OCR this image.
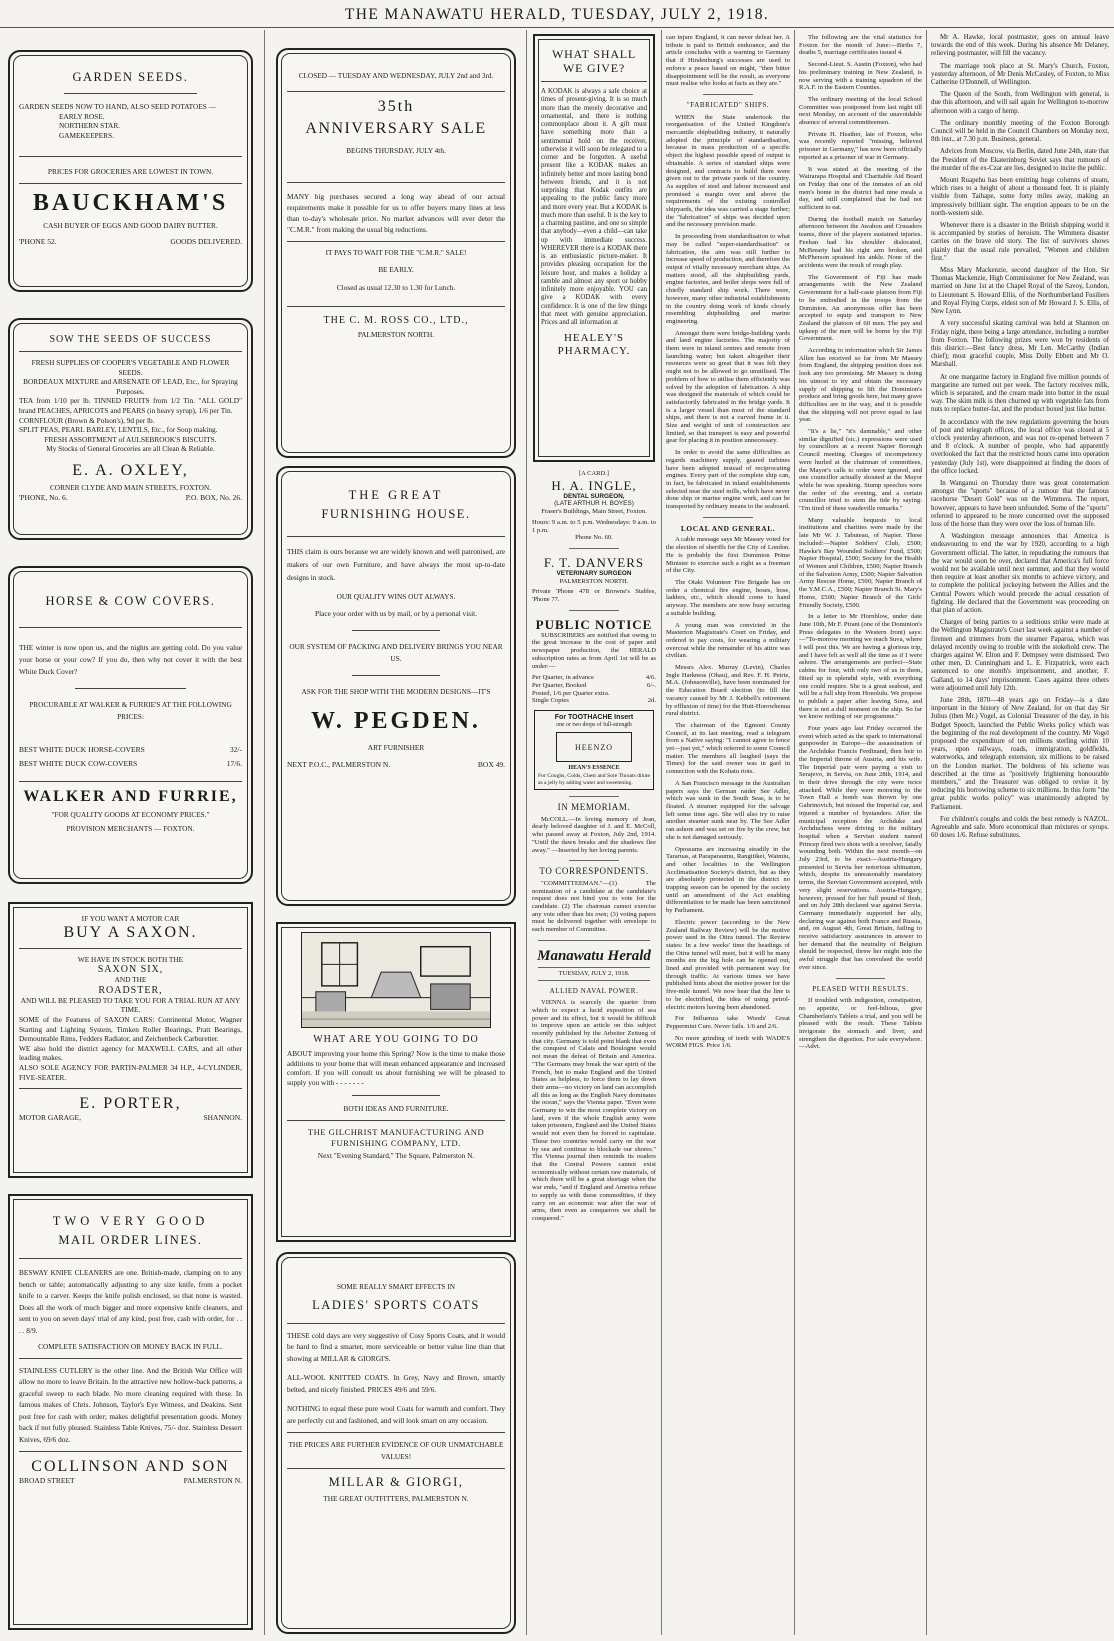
THE MANAWATU HERALD, TUESDAY, JULY 2, 1918.
GARDEN SEEDS.
GARDEN SEEDS NOW TO HAND, ALSO SEED POTATOES —
EARLY ROSE.
NORTHERN STAR.
GAMEKEEPERS.
PRICES FOR GROCERIES ARE LOWEST IN TOWN.
BAUCKHAM'S
CASH BUYER OF EGGS AND GOOD DAIRY BUTTER.
'PHONE 52.	GOODS DELIVERED.
SOW THE SEEDS OF SUCCESS
FRESH SUPPLIES OF COOPER'S VEGETABLE AND FLOWER SEEDS.
BORDEAUX MIXTURE and ARSENATE OF LEAD, Etc., for Spraying Purposes.
TEA from 1/10 per lb. TINNED FRUITS from 1/2 Tin. "ALL GOLD" brand PEACHES, APRICOTS and PEARS (in heavy syrup), 1/6 per Tin.
CORNFLOUR (Brown & Polson's), 9d per lb.
SPLIT PEAS, PEARL BARLEY, LENTILS, Etc., for Soup making.
FRESH ASSORTMENT of AULSEBROOK'S BISCUITS.
My Stocks of General Groceries are all Clean & Reliable.
E. A. OXLEY,
CORNER CLYDE AND MAIN STREETS, FOXTON.
'PHONE, No. 6.	P.O. BOX, No. 26.
HORSE & COW COVERS.
THE winter is now upon us, and the nights are getting cold. Do you value your horse or your cow? If you do, then why not cover it with the best White Duck Cover?
PROCURABLE AT WALKER & FURRIE'S AT THE FOLLOWING PRICES:
BEST WHITE DUCK HORSE-COVERS	32/-
BEST WHITE DUCK COW-COVERS	17/6.
WALKER AND FURRIE,
"FOR QUALITY GOODS AT ECONOMY PRICES."
PROVISION MERCHANTS — FOXTON.
IF YOU WANT A MOTOR CAR
BUY A SAXON.
WE HAVE IN STOCK BOTH THE
SAXON SIX,
AND THE
ROADSTER,
AND WILL BE PLEASED TO TAKE YOU FOR A TRIAL RUN AT ANY TIME.
SOME of the Features of SAXON CARS: Continental Motor, Wagner Starting and Lighting System, Timken Roller Bearings, Pratt Bearings, Demountable Rims, Fedders Radiator, and Zeichenbeck Carburetter.
WE also hold the district agency for MAXWELL CARS, and all other leading makes.
ALSO SOLE AGENCY FOR PARTIN-PALMER 34 H.P., 4-CYLINDER, FIVE-SEATER.
E. PORTER,
MOTOR GARAGE,	SHANNON.
TWO VERY GOOD
MAIL ORDER LINES.
BESWAY KNIFE CLEANERS are one. British-made, clamping on to any bench or table; automatically adjusting to any size knife, from a pocket knife to a carver. Keeps the knife polish enclosed, so that none is wasted. Does all the work of much bigger and more expensive knife cleaners, and sent to you on seven days' trial of any kind, post free, cash with order, for . . . . 8/9.
COMPLETE SATISFACTION OR MONEY BACK IN FULL.
STAINLESS CUTLERY is the other line. And the British War Office will allow no more to leave Britain. In the attractive new hollow-back patterns, a graceful sweep to each blade. No more cleaning required with these. In famous makes of Chris. Johnson, Taylor's Eye Witness, and Deakins. Sent post free for cash with order; makes delightful presentation goods. Money back if not fully pleased. Stainless Table Knives, 75/- doz. Stainless Dessert Knives, 69/6 doz.
COLLINSON AND SON
BROAD STREET	PALMERSTON N.
CLOSED — TUESDAY AND WEDNESDAY, JULY 2nd and 3rd.
35th
ANNIVERSARY SALE
BEGINS THURSDAY, JULY 4th.
MANY big purchases secured a long way ahead of our actual requirements make it possible for us to offer buyers many lines at less than to-day's wholesale price. No market advances will ever deter the "C.M.R." from making the usual big reductions.
IT PAYS TO WAIT FOR THE "C.M.R." SALE!
BE EARLY.
Closed as usual 12.30 to 1.30 for Lunch.
THE C. M. ROSS CO., LTD.,
PALMERSTON NORTH.
THE GREAT
FURNISHING HOUSE.
THIS claim is ours because we are widely known and well patronised, are makers of our own Furniture, and have always the most up-to-date designs in stock.
OUR QUALITY WINS OUT ALWAYS.
Place your order with us by mail, or by a personal visit.
OUR SYSTEM OF PACKING AND DELIVERY BRINGS YOU NEAR US.
ASK FOR THE SHOP WITH THE MODERN DESIGNS—IT'S
W. PEGDEN.
ART FURNISHER
NEXT P.O.C., PALMERSTON N.	BOX 49.
WHAT ARE YOU GOING TO DO
ABOUT improving your home this Spring? Now is the time to make those additions to your home that will mean enhanced appearance and increased comfort. If you will consult us about furnishing we will be pleased to supply you with - - - - - - -
BOTH IDEAS AND FURNITURE.
THE GILCHRIST MANUFACTURING AND FURNISHING COMPANY, LTD.
Next "Evening Standard," The Square, Palmerston N.
SOME REALLY SMART EFFECTS IN
LADIES' SPORTS COATS
THESE cold days are very suggestive of Cosy Sports Coats, and it would be hard to find a smarter, more serviceable or better value line than that showing at MILLAR & GIORGI'S.
ALL-WOOL KNITTED COATS. In Grey, Navy and Brown, smartly belted, and nicely finished. PRICES 49/6 and 59/6.
NOTHING to equal these pure wool Coats for warmth and comfort. They are perfectly cut and fashioned, and will look smart on any occasion.
THE PRICES ARE FURTHER EVIDENCE OF OUR UNMATCHABLE VALUES!
MILLAR & GIORGI,
THE GREAT OUTFITTERS, PALMERSTON N.
WHAT SHALL WE GIVE?
A KODAK is always a safe choice at times of present-giving. It is so much more than the merely decorative and ornamental, and there is nothing commonplace about it. A gift must have something more than a sentimental hold on the receiver, otherwise it will soon be relegated to a corner and be forgotten. A useful present like a KODAK makes an infinitely better and more lasting bond between friends, and it is not surprising that Kodak outfits are appealing to the public fancy more and more every year. But a KODAK is much more than useful. It is the key to a charming pastime, and one so simple that anybody—even a child—can take up with immediate success. WHEREVER there is a KODAK there is an enthusiastic picture-maker. It provides pleasing occupation for the leisure hour, and makes a holiday a ramble and almost any sport or hobby infinitely more enjoyable. YOU can give a KODAK with every confidence. It is one of the few things that meet with genuine appreciation. Prices and all information at
HEALEY'S PHARMACY.
[A CARD.]
H. A. INGLE,
DENTAL SURGEON,
(LATE ARTHUR H. BOYES)
Fraser's Buildings, Main Street, Foxton.
Hours: 9 a.m. to 5 p.m. Wednesdays: 9 a.m. to 1 p.m.
Phone No. 60.
F. T. DANVERS
VETERINARY SURGEON
PALMERSTON NORTH.
Private 'Phone 478 or Browne's Stables, 'Phone 77.
PUBLIC NOTICE

SUBSCRIBERS are notified that owing to the great increase in the cost of paper and newspaper production, the HERALD subscription rates as from April 1st will be as under:—

Per Quarter, in advance	4/6.
Per Quarter, Booked	6/-.
Posted, 1/6 per Quarter extra.
Single Copies	2d.
For TOOTHACHE Insert
one or two drops of full-strength
HEENZO
HEAN'S ESSENCE
For Coughs, Colds, Chest and Sore Throats dilute as a jelly by adding water and sweetening.
IN MEMORIAM.

McCOLL.—In loving memory of Jean, dearly beloved daughter of J. and E. McColl, who passed away at Foxton, July 2nd, 1914. "Until the dawn breaks and the shadows flee away." —Inserted by her loving parents.

TO CORRESPONDENTS.

"COMMITTEEMAN."—(1) The nomination of a candidate at the candidate's request does not bind you to vote for the candidate. (2) The chairman cannot exercise any vote other than his own; (3) voting papers must be delivered together with envelope to each member of Committee.

Manawatu Herald
TUESDAY, JULY 2, 1918.
ALLIED NAVAL POWER.

VIENNA is scarcely the quarter from which to expect a lucid exposition of sea power and its effect, but it would be difficult to improve upon an article on this subject recently published by the Arbeiter Zeitung of that city. Germany is told point blank that even the conquest of Calais and Boulogne would not mean the defeat of Britain and America. "The Germans may break the war spirit of the French, but to make England and the United States as helpless, to force them to lay down their arms—no victory on land can accomplish all this as long as the English Navy dominates the ocean," says the Vienna paper. "Even were Germany to win the most complete victory on land, even if the whole English army were taken prisoners, England and the United States would not even then be forced to capitulate. These two countries would carry on the war by sea and continue to blockade our shores." The Vienna journal then reminds its readers that the Central Powers cannot exist economically without certain raw materials, of which there will be a great shortage when the war ends, "and if England and America refuse to supply us with these commodities, if they carry on an economic war after the war of arms, then even as conquerors we shall be conquered."

can injure England, it can never defeat her. A tribute is paid to British endurance, and the article concludes with a warning to Germany that if Hindenburg's successes are used to enforce a peace based on might, "then bitter disappointment will be the result, as everyone must realise who looks at facts as they are."

"FABRICATED" SHIPS.

WHEN the State undertook the reorganisation of the United Kingdom's mercantile shipbuilding industry, it naturally adopted the principle of standardisation, because in mass production of a specific object the highest possible speed of output is obtainable. A series of standard ships were designed, and contracts to build them were given out to the private yards of the country. As supplies of steel and labour increased and promised a margin over and above the requirements of the existing controlled shipyards, the idea was carried a stage further; the "fabrication" of ships was decided upon and the necessary provision made.

In proceeding from standardisation to what may be called "super-standardisation" or fabrication, the aim was still further to increase speed of production, and therefore the output of vitally necessary merchant ships. As matters stood, all the shipbuilding yards, engine factories, and boiler shops were full of chiefly standard ship work. There were, however, many other industrial establishments in the country doing work of kinds closely resembling shipbuilding and marine engineering.

Amongst them were bridge-building yards and land engine factories. The majority of them were in inland centres and remote from launching water; but taken altogether their resources were so great that it was felt they ought not to be allowed to go unutilised. The problem of how to utilise them efficiently was solved by the adoption of fabrication. A ship was designed the materials of which could be satisfactorily fabricated in the bridge yards. It is a larger vessel than most of the standard ships, and there is not a curved frame in it. Size and weight of unit of construction are limited, so that transport is easy and powerful gear for placing it in position unnecessary.

In order to avoid the same difficulties as regards machinery supply, geared turbines have been adopted instead of reciprocating engines. Every part of the complete ship can, in fact, be fabricated in inland establishments selected near the steel mills, which have never done ship or marine engine work, and can be transported by ordinary means to the seaboard.

LOCAL AND GENERAL.

A cable message says Mr Massey voted for the election of sheriffs for the City of London. He is probably the first Dominion Prime Minister to exercise such a right as a freeman of the City.

The Otaki Volunteer Fire Brigade has on order a chemical fire engine, hoses, hose, ladders, etc., which should come to hand anyway. The members are now busy securing a suitable building.

A young man was convicted in the Masterton Magistrate's Court on Friday, and ordered to pay costs, for wearing a military overcoat while the remainder of his attire was civilian.

Messrs Alex. Murray (Levin), Charles Ingle Harkness (Ohau), and Rev. F. H. Petrie, M.A. (Johnsonville), have been nominated for the Education Board election (to fill the vacancy caused by Mr J. Kebbell's retirement by effluxion of time) for the Hutt-Horowhenua rural district.

The chairman of the Egmont County Council, at its last meeting, read a telegram from a Native saying: "I cannot agree to fence yet—just yet," which referred to some Council matter. The members all laughed (says the Times) for the said owner was in gaol in connection with the Kohatu riots.

A San Francisco message in the Australian papers says the German raider See Adler, which was sunk in the South Seas, is to be floated. A steamer equipped for the salvage left some time ago. She will also try to raise another steamer sunk near by. The See Adler ran ashore and was set on fire by the crew, but she is not damaged seriously.

Opossums are increasing steadily in the Tararuas, at Paraparaumu, Rangitikei, Waimiu, and other localities in the Wellington Acclimatisation Society's district, but as they are absolutely protected in the district no trapping season can be opened by the society until an amendment of the Act enabling differentiation to be made has been sanctioned by Parliament.

Electric power (according to the New Zealand Railway Review) will be the motive power used in the Otira tunnel. The Review states: In a few weeks' time the headings of the Otira tunnel will meet, but it will be many months ere the big hole can be opened out, lined and provided with permanent way for through traffic. At various times we have published hints about the motive power for the five-mile tunnel. We now hear that the line is to be electrified, the idea of using petrol-electric motors having been abandoned.

For Influenza take Woods' Great Peppermint Cure. Never fails. 1/6 and 2/6.

No more grinding of teeth with WADE'S WORM FIGS. Price 1/6.

The following are the vital statistics for Foxton for the month of June:—Births 7, deaths 5, marriage certificates issued 4.

Second-Lieut. S. Austin (Foxton), who had his preliminary training in New Zealand, is now serving with a training squadron of the R.A.F. in the Eastern Counties.

The ordinary meeting of the local School Committee was postponed from last night till next Monday, on account of the unavoidable absence of several committeemen.

Private H. Heather, late of Foxton, who was recently reported "missing, believed prisoner in Germany," has now been officially reported as a prisoner of war in Germany.

It was stated at the meeting of the Wairarapa Hospital and Charitable Aid Board on Friday that one of the inmates of an old men's home in the district had nine meals a day, and still complained that he had not sufficient to eat.

During the football match on Saturday afternoon between the Awahou and Crusaders teams, three of the players sustained injuries. Feehan had his shoulder dislocated, McBrearty had his right arm broken, and McPherson sprained his ankle. None of the accidents were the result of rough play.

The Government of Fiji has made arrangements with the New Zealand Government for a half-caste platoon from Fiji to be embodied in the troops from the Dominion. An anonymous offer has been accepted to equip and transport to New Zealand the platoon of 60 men. The pay and upkeep of the men will be borne by the Fiji Government.

According to information which Sir James Allen has received so far from Mr Massey from England, the shipping position does not look any too promising. Mr Massey is doing his utmost to try and obtain the necessary supply of shipping to lift the Dominion's produce and bring goods here, but many grave difficulties are in the way, and it is possible that the shipping will not prove equal to last year.

"It's a lie," "it's damnable," and other similar dignified (sic.) expressions were used by councillors at a recent Napier Borough Council meeting. Charges of incompetency were hurled at the chairman of committees, the Mayor's calls to order were ignored, and one councillor actually shouted at the Mayor while he was speaking. Stump speeches were the order of the evening, and a certain councillor tried to stem the tide by saying: "I'm tired of these vaudeville remarks."

Many valuable bequests to local institutions and charities were made by the late Mr W. J. Tabuteau, of Napier. These included:—Napier Soldiers' Club, £500; Hawke's Bay Wounded Soldiers' Fund, £500; Napier Hospital, £500; Society for the Health of Women and Children, £500; Napier Branch of the Salvation Army, £500; Napier Salvation Army Rescue Home, £500; Napier Branch of the Y.M.C.A., £500; Napier Branch St. Mary's Home, £500; Napier Branch of the Girls' Friendly Society, £500.

In a letter to Mr Hornblow, under date June 10th, Mr F. Pirani (one of the Dominion's Press delegates to the Western front) says:—"To-morrow morning we reach Suva, where I will post this. We are having a glorious trip, and I have felt as well all the time as if I were ashore. The arrangements are perfect—State cabins for four, with only two of us in them, fitted up in splendid style, with everything one could require. She is a great seaboat, and will be a full ship from Honolulu. We propose to publish a paper after leaving Suva, and there is not a dull moment on the ship. So far we know nothing of our programme."

Four years ago last Friday occurred the event which acted as the spark to international gunpowder in Europe—the assassination of the Archduke Francis Ferdinand, then heir to the Imperial throne of Austria, and his wife. The Imperial pair were paying a visit to Serajevo, in Servia, on June 28th, 1914, and in their drive through the city were twice attacked. While they were motoring to the Town Hall a bomb was thrown by one Gabrinovich, but missed the Imperial car, and injured a number of bystanders. After the municipal reception the Archduke and Archduchess were driving to the military hospital when a Servian student named Princep fired two shots with a revolver, fatally wounding both. Within the next month—on July 23rd, to be exact—Austria-Hungary presented to Servia her notorious ultimatum, which, despite its unreasonably mandatory terms, the Servian Government accepted, with very slight reservations. Austria-Hungary, however, pressed for her full pound of flesh, and on July 28th declared war against Servia. Germany immediately supported her ally, declaring war against both France and Russia, and, on August 4th, Great Britain, failing to receive satisfactory assurances in answer to her demand that the neutrality of Belgium should be respected, threw her might into the awful struggle that has convulsed the world ever since.

PLEASED WITH RESULTS.

If troubled with indigestion, constipation, no appetite, or feel-bilious, give Chamberlain's Tablets a trial, and you will be pleased with the result. These Tablets invigorate the stomach and liver, and strengthen the digestion. For sale everywhere.—Advt.

Mr A. Hawke, local postmaster, goes on annual leave towards the end of this week. During his absence Mr Delaney, relieving postmaster, will fill the vacancy.

The marriage took place at St. Mary's Church, Foxton, yesterday afternoon, of Mr Denis McCauley, of Foxton, to Miss Catherine O'Donnell, of Wellington.

The Queen of the South, from Wellington with general, is due this afternoon, and will sail again for Wellington to-morrow afternoon with a cargo of hemp.

The ordinary monthly meeting of the Foxton Borough Council will be held in the Council Chambers on Monday next, 8th inst., at 7.30 p.m. Business, general.

Advices from Moscow, via Berlin, dated June 24th, state that the President of the Ekaterinburg Soviet says that rumours of the murder of the ex-Czar are lies, designed to incite the public.

Mount Ruapehu has been emitting huge columns of steam, which rises to a height of about a thousand feet. It is plainly visible from Taihape, some forty miles away, making an impressively brilliant sight. The eruption appears to be on the north-western side.

Whenever there is a disaster in the British shipping world it is accompanied by stories of heroism. The Wimmera disaster carries on the brave old story. The list of survivors shows plainly that the usual rule prevailed, "Women and children first."

Miss Mary Mackenzie, second daughter of the Hon. Sir Thomas Mackenzie, High Commissioner for New Zealand, was married on June 1st at the Chapel Royal of the Savoy, London, to Lieutenant S. Howard Ellis, of the Northumberland Fusiliers and Royal Flying Corps, eldest son of Mr Howard J. S. Ellis, of New Lynn.

A very successful skating carnival was held at Shannon on Friday night, there being a large attendance, including a number from Foxton. The following prizes were won by residents of this district:—Best fancy dress, Mr Len. McCarthy (Indian chief); most graceful couple, Miss Dolly Ebbett and Mr O. Marshall.

At one margarine factory in England five million pounds of margarine are turned out per week. The factory receives milk, which is separated, and the cream made into butter in the usual way. The skim milk is then churned up with vegetable fats from nuts to replace butter-fat, and the product boxed just like butter.

In accordance with the new regulations governing the hours of post and telegraph offices, the local office was closed at 5 o'clock yesterday afternoon, and was not re-opened between 7 and 8 o'clock. A number of people, who had apparently overlooked the fact that the restricted hours came into operation yesterday (July 1st), were disappointed at finding the doors of the office locked.

In Wanganui on Thursday there was great consternation amongst the "sports" because of a rumour that the famous racehorse "Desert Gold" was on the Wimmera. The report, however, appears to have been unfounded. Some of the "sports" referred to appeared to be more concerned over the supposed loss of the horse than they were over the loss of human life.

A Washington message announces that America is endeavouring to end the war by 1920, according to a high Government official. The latter, in repudiating the rumours that the war would soon be over, declared that America's full force would not be available until next summer, and that they would then require at least another six months to achieve victory, and to complete the political jockeying between the Allies and the Central Powers which would precede the actual cessation of fighting. He declared that the Government was proceeding on that plan of action.

Charges of being parties to a seditious strike were made at the Wellington Magistrate's Court last week against a number of firemen and trimmers from the steamer Paparoa, which was delayed recently owing to trouble with the stokehold crew. The charges against W. Elton and F. Dempsey were dismissed. Two other men, D. Cunningham and L. E. Fitzpatrick, were each sentenced to one month's imprisonment, and another, F. Galland, to 14 days' imprisonment. Cases against three others were adjourned until July 12th.

June 28th, 1870—48 years ago on Friday—is a date important in the history of New Zealand, for on that day Sir Julius (then Mr.) Vogel, as Colonial Treasurer of the day, in his Budget Speech, launched the Public Works policy which was the beginning of the real development of the country. Mr Vogel proposed the expenditure of ten millions sterling within 10 years, upon railways, roads, immigration, goldfields, waterworks, and telegraph extension, six millions to be raised on the London market. The boldness of his scheme was described at the time as "positively frightening honourable members," and the Treasurer was obliged to revise it by reducing his borrowing scheme to six millions. In this form "the great public works policy" was unanimously adopted by Parliament.

For children's coughs and colds the best remedy is NAZOL. Agreeable and safe. More economical than mixtures or syrups. 60 doses 1/6. Refuse substitutes.
